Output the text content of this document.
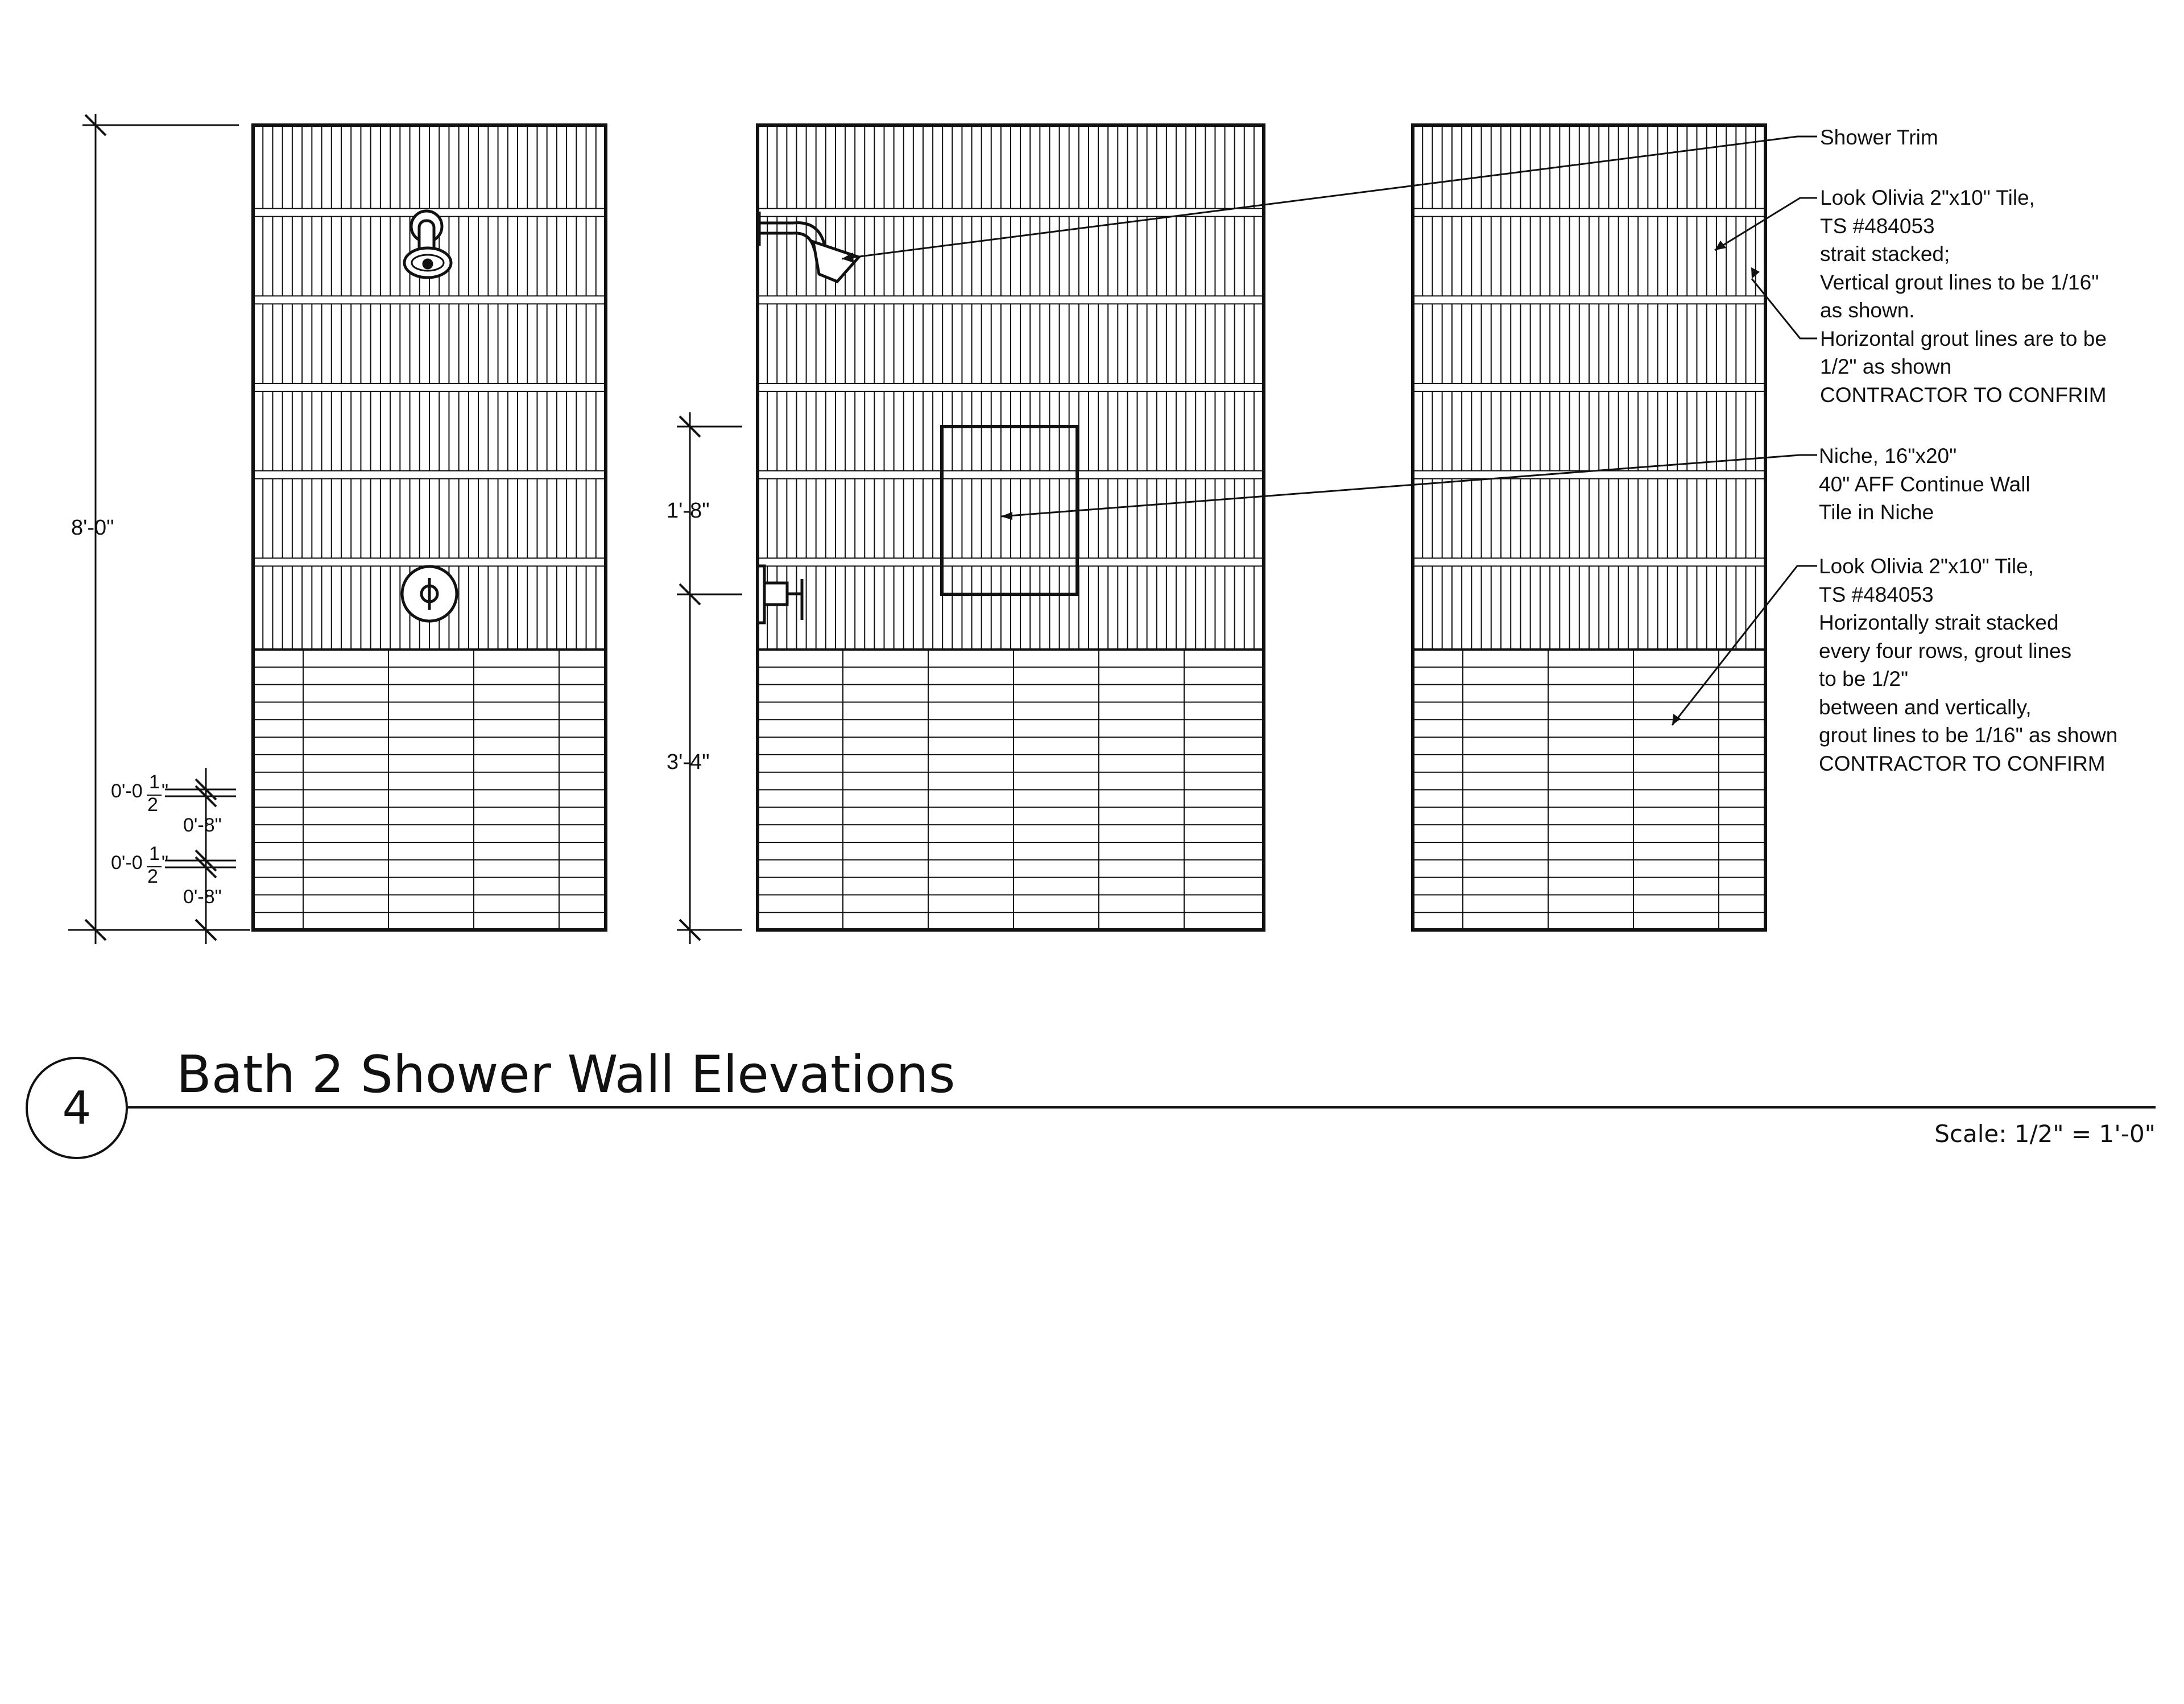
8'-0"
1'-8"
3'-4"
0'-0 1
2
"
0'-8"
0'-0 1
2
"
0'-8"
Shower Trim
Look Olivia 2"x10" Tile,
TS #484053
strait stacked;
Vertical grout lines to be 1/16"
as shown.
Horizontal grout lines are to be
1/2" as shown
CONTRACTOR TO CONFRIM
Niche, 16"x20"
40" AFF Continue Wall
Tile in Niche
Look Olivia 2"x10" Tile,
TS #484053
Horizontally strait stacked
every four rows, grout lines
to be 1/2"
between and vertically,
grout lines to be 1/16" as shown
CONTRACTOR TO CONFIRM
4
Bath 2 Shower Wall Elevations
Scale: 1/2" = 1'-0"
